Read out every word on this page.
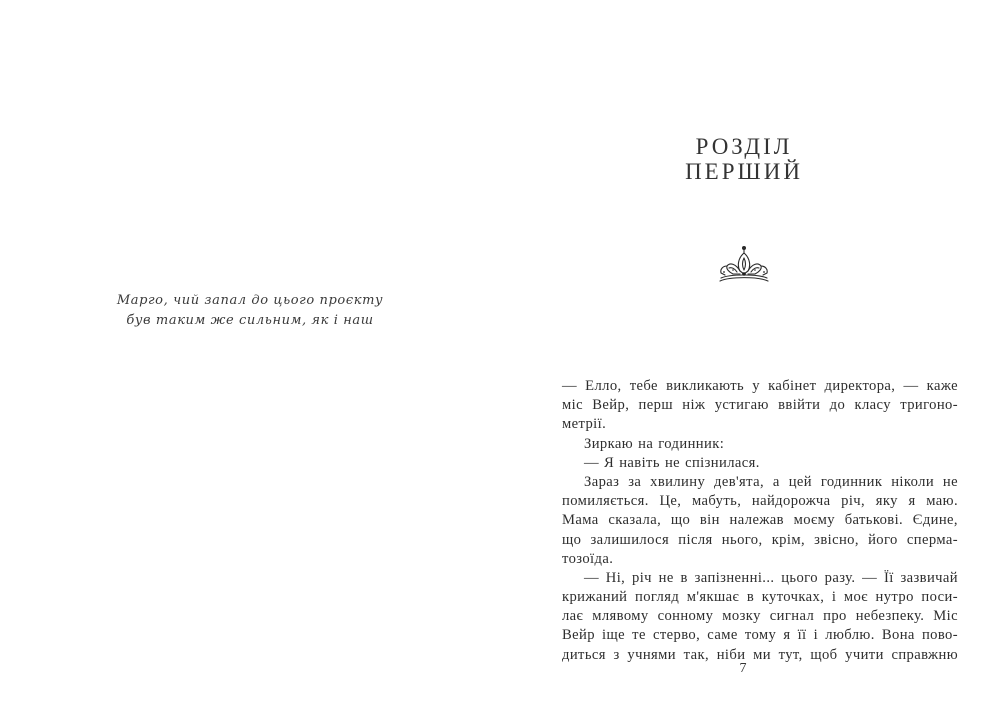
Марго, чий запал до цього проєкту
був таким же сильним, як і наш
РОЗДІЛ
ПЕРШИЙ
— Елло, тебе викликають у кабінет директора, — каже
міс Вейр, перш ніж устигаю ввійти до класу тригоно-
метрії.
Зиркаю на годинник:
— Я навіть не спізнилася.
Зараз за хвилину дев'ята, а цей годинник ніколи не
помиляється. Це, мабуть, найдорожча річ, яку я маю.
Мама сказала, що він належав моєму батькові. Єдине,
що залишилося після нього, крім, звісно, його сперма-
тозоїда.
— Ні, річ не в запізненні... цього разу. — Її зазвичай
крижаний погляд м'якшає в куточках, і моє нутро поси-
лає млявому сонному мозку сигнал про небезпеку. Міс
Вейр іще те стерво, саме тому я її і люблю. Вона пово-
диться з учнями так, ніби ми тут, щоб учити справжню
7
